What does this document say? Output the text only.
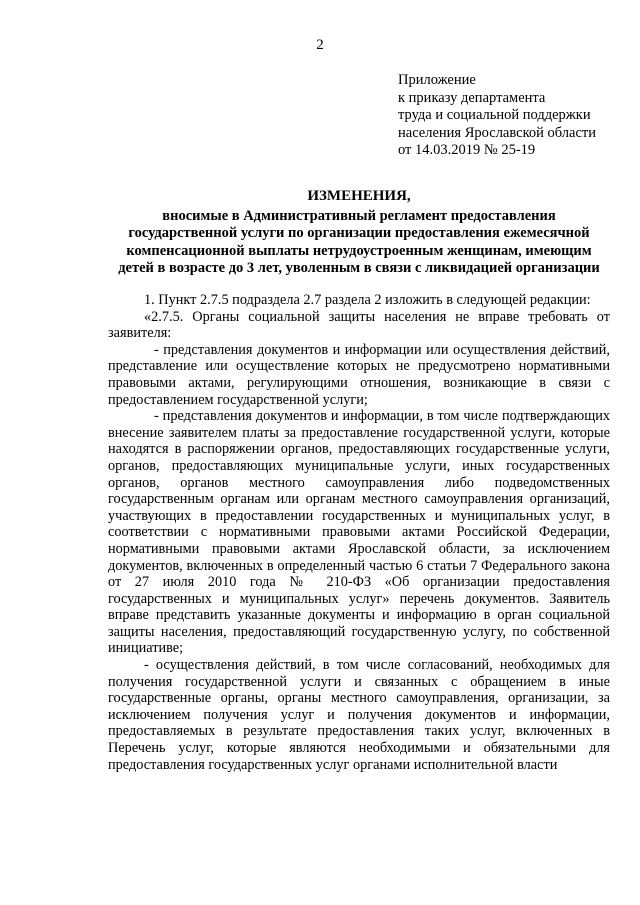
2
Приложение
к приказу департамента
труда и социальной поддержки
населения Ярославской области
от 14.03.2019 № 25-19
ИЗМЕНЕНИЯ,
вносимые в Административный регламент предоставления
государственной услуги по организации предоставления ежемесячной
компенсационной выплаты нетрудоустроенным женщинам, имеющим
детей в возрасте до 3 лет, уволенным в связи с ликвидацией организации

1. Пункт 2.7.5 подраздела 2.7 раздела 2 изложить в следующей редакции:

«2.7.5. Органы социальной защиты населения не вправе требовать от заявителя:

- представления документов и информации или осуществления действий, представление или осуществление которых не предусмотрено нормативными правовыми актами, регулирующими отношения, возникающие в связи с предоставлением государственной услуги;

- представления документов и информации, в том числе подтверждающих внесение заявителем платы за предоставление государственной услуги, которые находятся в распоряжении органов, предоставляющих государственные услуги, органов, предоставляющих муниципальные услуги, иных государственных органов, органов местного самоуправления либо подведомственных государственным органам или органам местного самоуправления организаций, участвующих в предоставлении государственных и муниципальных услуг, в соответствии с нормативными правовыми актами Российской Федерации, нормативными правовыми актами Ярославской области, за исключением документов, включенных в определенный частью 6 статьи 7 Федерального закона от 27 июля 2010 года № 210-ФЗ «Об организации предоставления государственных и муниципальных услуг» перечень документов. Заявитель вправе представить указанные документы и информацию в орган социальной защиты населения, предоставляющий государственную услугу, по собственной инициативе;

- осуществления действий, в том числе согласований, необходимых для получения государственной услуги и связанных с обращением в иные государственные органы, органы местного самоуправления, организации, за исключением получения услуг и получения документов и информации, предоставляемых в результате предоставления таких услуг, включенных в Перечень услуг, которые являются необходимыми и обязательными для предоставления государственных услуг органами исполнительной власти
